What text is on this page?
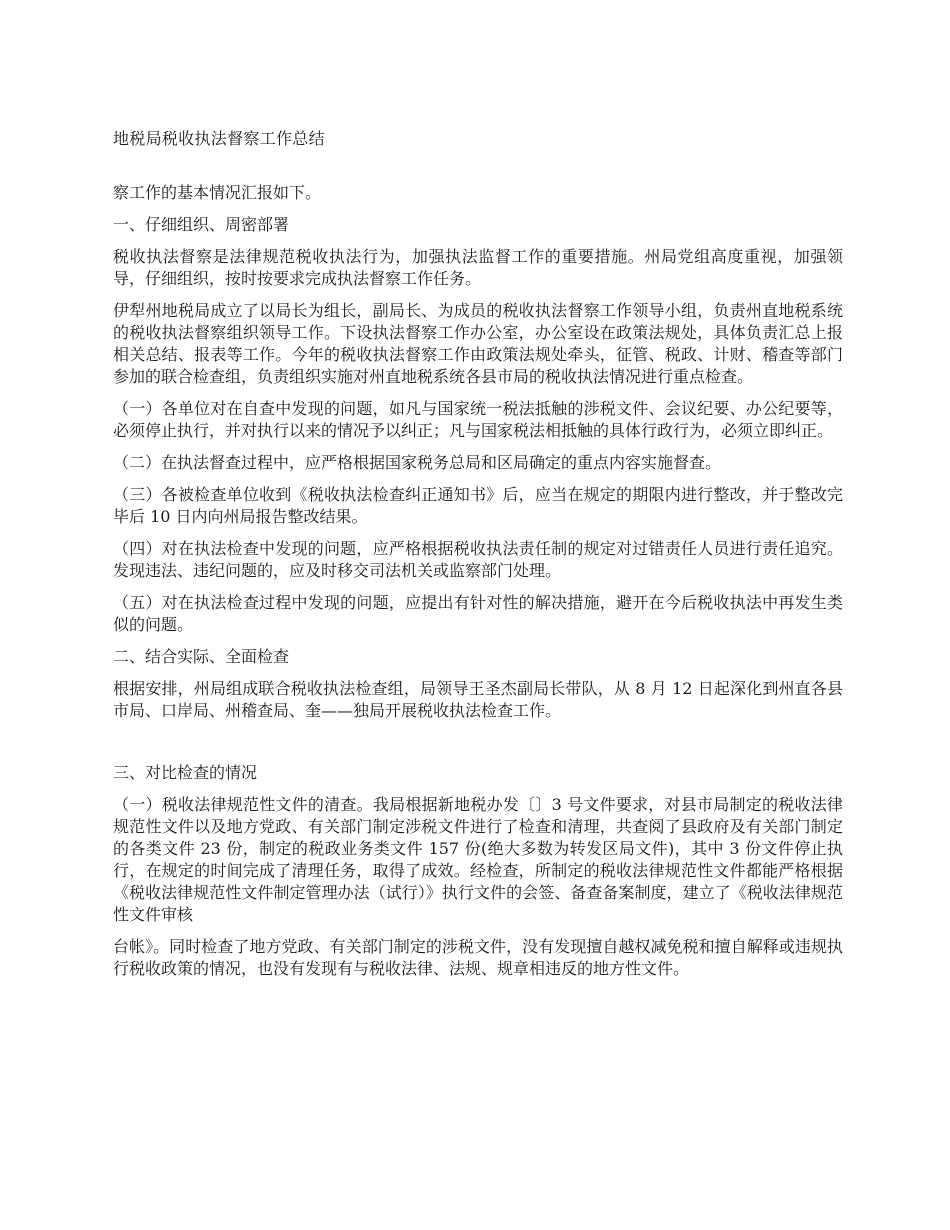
地税局税收执法督察工作总结

察工作的基本情况汇报如下。

一、仔细组织、周密部署

税收执法督察是法律规范税收执法行为，加强执法监督工作的重要措施。州局党组高度重视，加强领导，仔细组织，按时按要求完成执法督察工作任务。

伊犁州地税局成立了以局长为组长，副局长、为成员的税收执法督察工作领导小组，负责州直地税系统的税收执法督察组织领导工作。下设执法督察工作办公室，办公室设在政策法规处，具体负责汇总上报相关总结、报表等工作。今年的税收执法督察工作由政策法规处牵头，征管、税政、计财、稽查等部门参加的联合检查组，负责组织实施对州直地税系统各县市局的税收执法情况进行重点检查。

（一）各单位对在自查中发现的问题，如凡与国家统一税法抵触的涉税文件、会议纪要、办公纪要等，必须停止执行，并对执行以来的情况予以纠正；凡与国家税法相抵触的具体行政行为，必须立即纠正。

（二）在执法督查过程中，应严格根据国家税务总局和区局确定的重点内容实施督查。

（三）各被检查单位收到《税收执法检查纠正通知书》后，应当在规定的期限内进行整改，并于整改完毕后 10 日内向州局报告整改结果。

（四）对在执法检查中发现的问题，应严格根据税收执法责任制的规定对过错责任人员进行责任追究。发现违法、违纪问题的，应及时移交司法机关或监察部门处理。

（五）对在执法检查过程中发现的问题，应提出有针对性的解决措施，避开在今后税收执法中再发生类似的问题。

二、结合实际、全面检查

根据安排，州局组成联合税收执法检查组，局领导王圣杰副局长带队，从 8 月 12 日起深化到州直各县市局、口岸局、州稽查局、奎——独局开展税收执法检查工作。

三、对比检查的情况

（一）税收法律规范性文件的清查。我局根据新地税办发〔〕3 号文件要求，对县市局制定的税收法律规范性文件以及地方党政、有关部门制定涉税文件进行了检查和清理，共查阅了县政府及有关部门制定的各类文件 23 份，制定的税政业务类文件 157 份(绝大多数为转发区局文件)，其中 3 份文件停止执行，在规定的时间完成了清理任务，取得了成效。经检查，所制定的税收法律规范性文件都能严格根据《税收法律规范性文件制定管理办法（试行）》执行文件的会签、备查备案制度，建立了《税收法律规范性文件审核

台帐》。同时检查了地方党政、有关部门制定的涉税文件，没有发现擅自越权减免税和擅自解释或违规执行税收政策的情况，也没有发现有与税收法律、法规、规章相违反的地方性文件。
